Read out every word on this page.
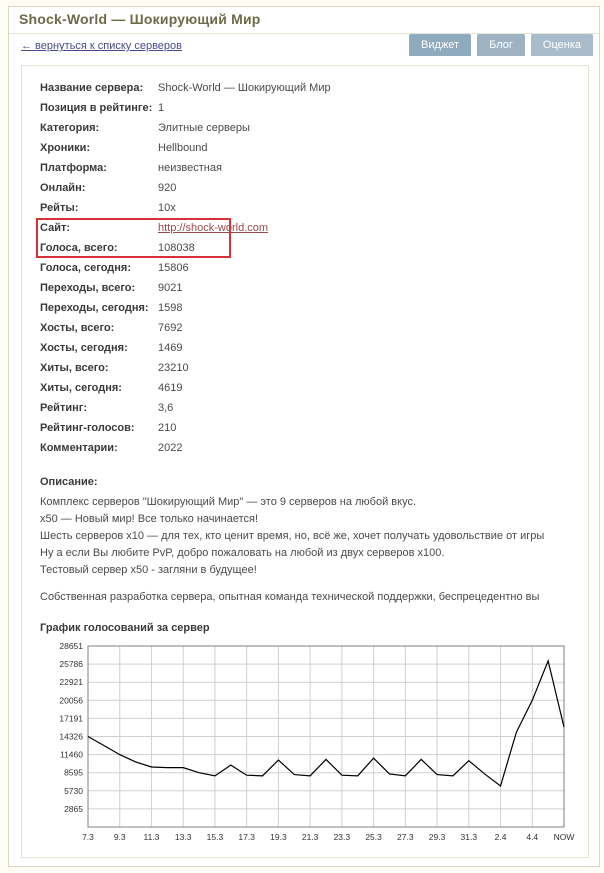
Shock-World — Шокирующий Мир
← вернуться к списку серверов	Виджет	Блог	Оценка
Название сервера: Shock-World — Шокирующий Мир
Позиция в рейтинге: 1
Категория:	Элитные серверы
Хроники:	Hellbound
Платформа:	неизвестная
Онлайн:	920
Рейты:	10x
Сайт:	http://shock-world.com
Голоса, всего:	108038
Голоса, сегодня: 15806
Переходы, всего: 9021
Переходы, сегодня: 1598
Хосты, всего:	7692
Хосты, сегодня:	1469
Хиты, всего:	23210
Хиты, сегодня:	4619
Рейтинг:	3,6
Рейтинг-голосов: 210
Комментарии:	2022
Описание:
Комплекс серверов "Шокирующий Мир" — это 9 серверов на любой вкус.
x50 — Новый мир! Все только начинается!
Шесть серверов x10 — для тех, кто ценит время, но, всё же, хочет получать удовольствие от игры
Ну а если Вы любите PvP, добро пожаловать на любой из двух серверов x100.
Тестовый сервер x50 - загляни в будущее!
Собственная разработка сервера, опытная команда технической поддержки, беспрецедентно вы
График голосований за сервер
2865
5730
8595
11460
14326
17191
20056
22921
25786
28651
7.3 9.3 11.3 13.3 15.3 17.3 19.3 21.3 23.3 25.3 27.3 29.3 31.3 2.4 4.4 NOW
